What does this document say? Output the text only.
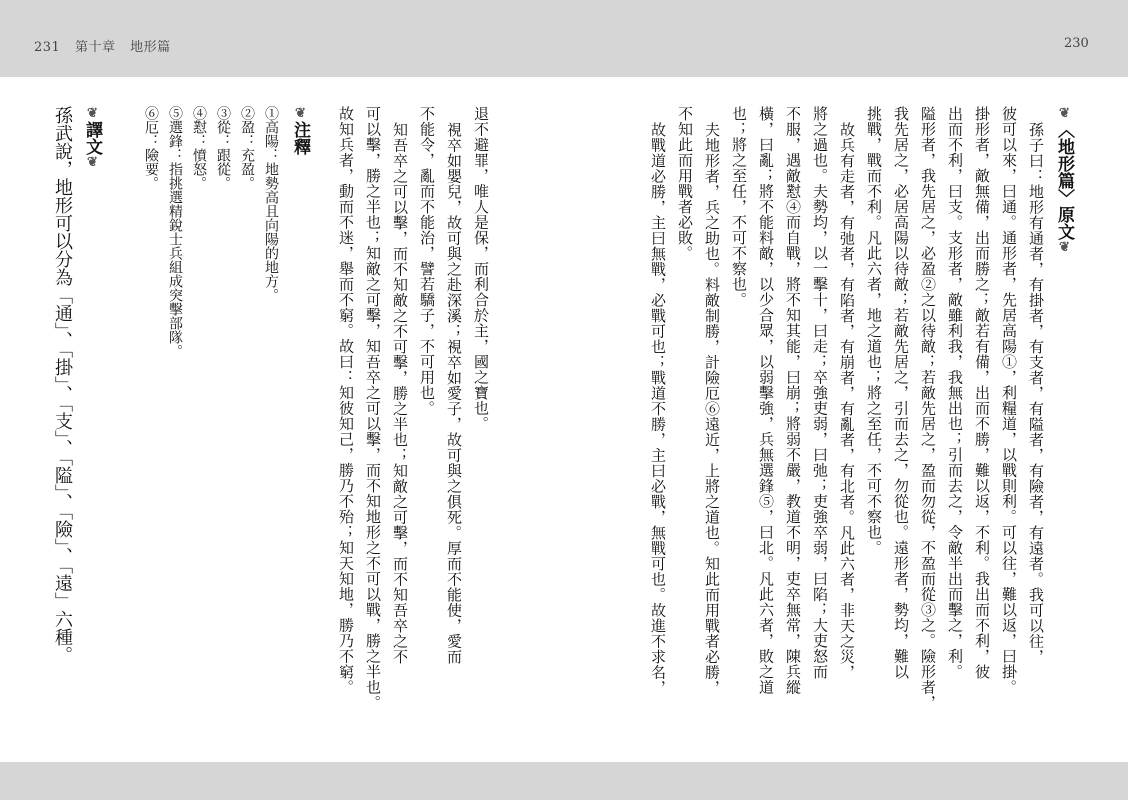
231 第十章 地形篇	230
❦〈地形篇〉原文❦
孫子曰：地形有通者，有掛者，有支者，有隘者，有險者，有遠者。我可以往，
彼可以來，曰通。通形者，先居高陽①，利糧道，以戰則利。可以往，難以返，曰掛。
掛形者，敵無備，出而勝之；敵若有備，出而不勝，難以返，不利。我出而不利，彼
出而不利，曰支。支形者，敵雖利我，我無出也；引而去之，令敵半出而擊之，利。
隘形者，我先居之，必盈②之以待敵；若敵先居之，盈而勿從，不盈而從③之。險形者，
我先居之，必居高陽以待敵；若敵先居之，引而去之，勿從也。遠形者，勢均，難以
挑戰，戰而不利。凡此六者，地之道也；將之至任，不可不察也。
故兵有走者，有弛者，有陷者，有崩者，有亂者，有北者。凡此六者，非天之災，
將之過也。夫勢均，以一擊十，曰走；卒強吏弱，曰弛；吏強卒弱，曰陷；大吏怒而
不服，遇敵懟④而自戰，將不知其能，曰崩；將弱不嚴，教道不明，吏卒無常，陳兵縱
橫，曰亂；將不能料敵，以少合眾，以弱擊強，兵無選鋒⑤，曰北。凡此六者，敗之道
也；將之至任，不可不察也。
夫地形者，兵之助也。料敵制勝，計險厄⑥遠近，上將之道也。知此而用戰者必勝，
不知此而用戰者必敗。
故戰道必勝，主曰無戰，必戰可也；戰道不勝，主曰必戰，無戰可也。故進不求名，
退不避罪，唯人是保，而利合於主，國之寶也。
視卒如嬰兒，故可與之赴深溪；視卒如愛子，故可與之俱死。厚而不能使，愛而
不能令，亂而不能治，譬若驕子，不可用也。
知吾卒之可以擊，而不知敵之不可擊，勝之半也；知敵之可擊，而不知吾卒之不
可以擊，勝之半也；知敵之可擊，知吾卒之可以擊，而不知地形之不可以戰，勝之半也。
故知兵者，動而不迷，舉而不窮。故曰：知彼知己，勝乃不殆；知天知地，勝乃不窮。
❦注釋
①高陽：地勢高且向陽的地方。
②盈：充盈。
③從：跟從。
④懟：憤怒。
⑤選鋒：指挑選精銳士兵組成突擊部隊。
⑥厄：險要。
❦譯文❦
孫武說，地形可以分為「通」、「掛」、「支」、「隘」、「險」、「遠」六種。
